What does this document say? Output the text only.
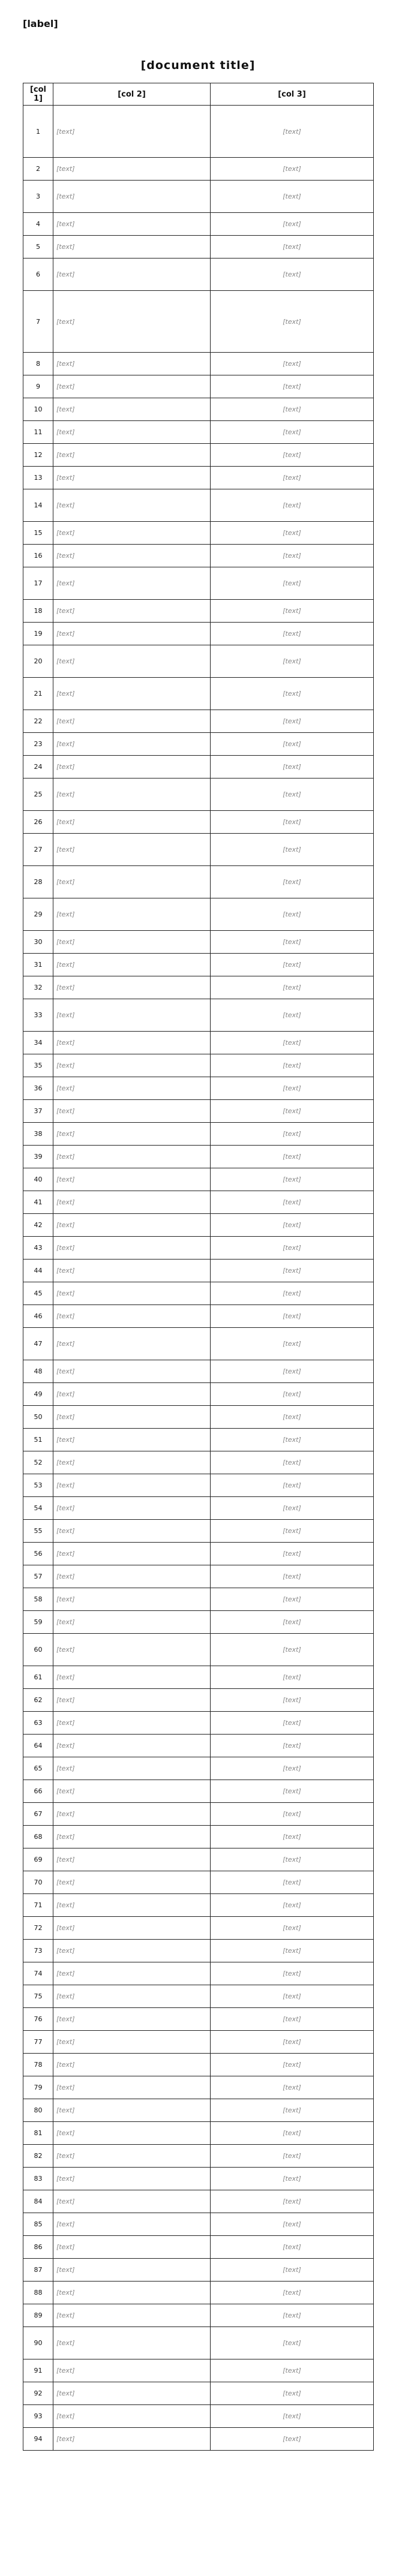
[label]
[document title]
[col 1]	[col 2]	[col 3]
1	[text]	[text]
2	[text]	[text]
3	[text]	[text]
4	[text]	[text]
5	[text]	[text]
6	[text]	[text]
7	[text]	[text]
8	[text]	[text]
9	[text]	[text]
10	[text]	[text]
11	[text]	[text]
12	[text]	[text]
13	[text]	[text]
14	[text]	[text]
15	[text]	[text]
16	[text]	[text]
17	[text]	[text]
18	[text]	[text]
19	[text]	[text]
20	[text]	[text]
21	[text]	[text]
22	[text]	[text]
23	[text]	[text]
24	[text]	[text]
25	[text]	[text]
26	[text]	[text]
27	[text]	[text]
28	[text]	[text]
29	[text]	[text]
30	[text]	[text]
31	[text]	[text]
32	[text]	[text]
33	[text]	[text]
34	[text]	[text]
35	[text]	[text]
36	[text]	[text]
37	[text]	[text]
38	[text]	[text]
39	[text]	[text]
40	[text]	[text]
41	[text]	[text]
42	[text]	[text]
43	[text]	[text]
44	[text]	[text]
45	[text]	[text]
46	[text]	[text]
47	[text]	[text]
48	[text]	[text]
49	[text]	[text]
50	[text]	[text]
51	[text]	[text]
52	[text]	[text]
53	[text]	[text]
54	[text]	[text]
55	[text]	[text]
56	[text]	[text]
57	[text]	[text]
58	[text]	[text]
59	[text]	[text]
60	[text]	[text]
61	[text]	[text]
62	[text]	[text]
63	[text]	[text]
64	[text]	[text]
65	[text]	[text]
66	[text]	[text]
67	[text]	[text]
68	[text]	[text]
69	[text]	[text]
70	[text]	[text]
71	[text]	[text]
72	[text]	[text]
73	[text]	[text]
74	[text]	[text]
75	[text]	[text]
76	[text]	[text]
77	[text]	[text]
78	[text]	[text]
79	[text]	[text]
80	[text]	[text]
81	[text]	[text]
82	[text]	[text]
83	[text]	[text]
84	[text]	[text]
85	[text]	[text]
86	[text]	[text]
87	[text]	[text]
88	[text]	[text]
89	[text]	[text]
90	[text]	[text]
91	[text]	[text]
92	[text]	[text]
93	[text]	[text]
94	[text]	[text]
